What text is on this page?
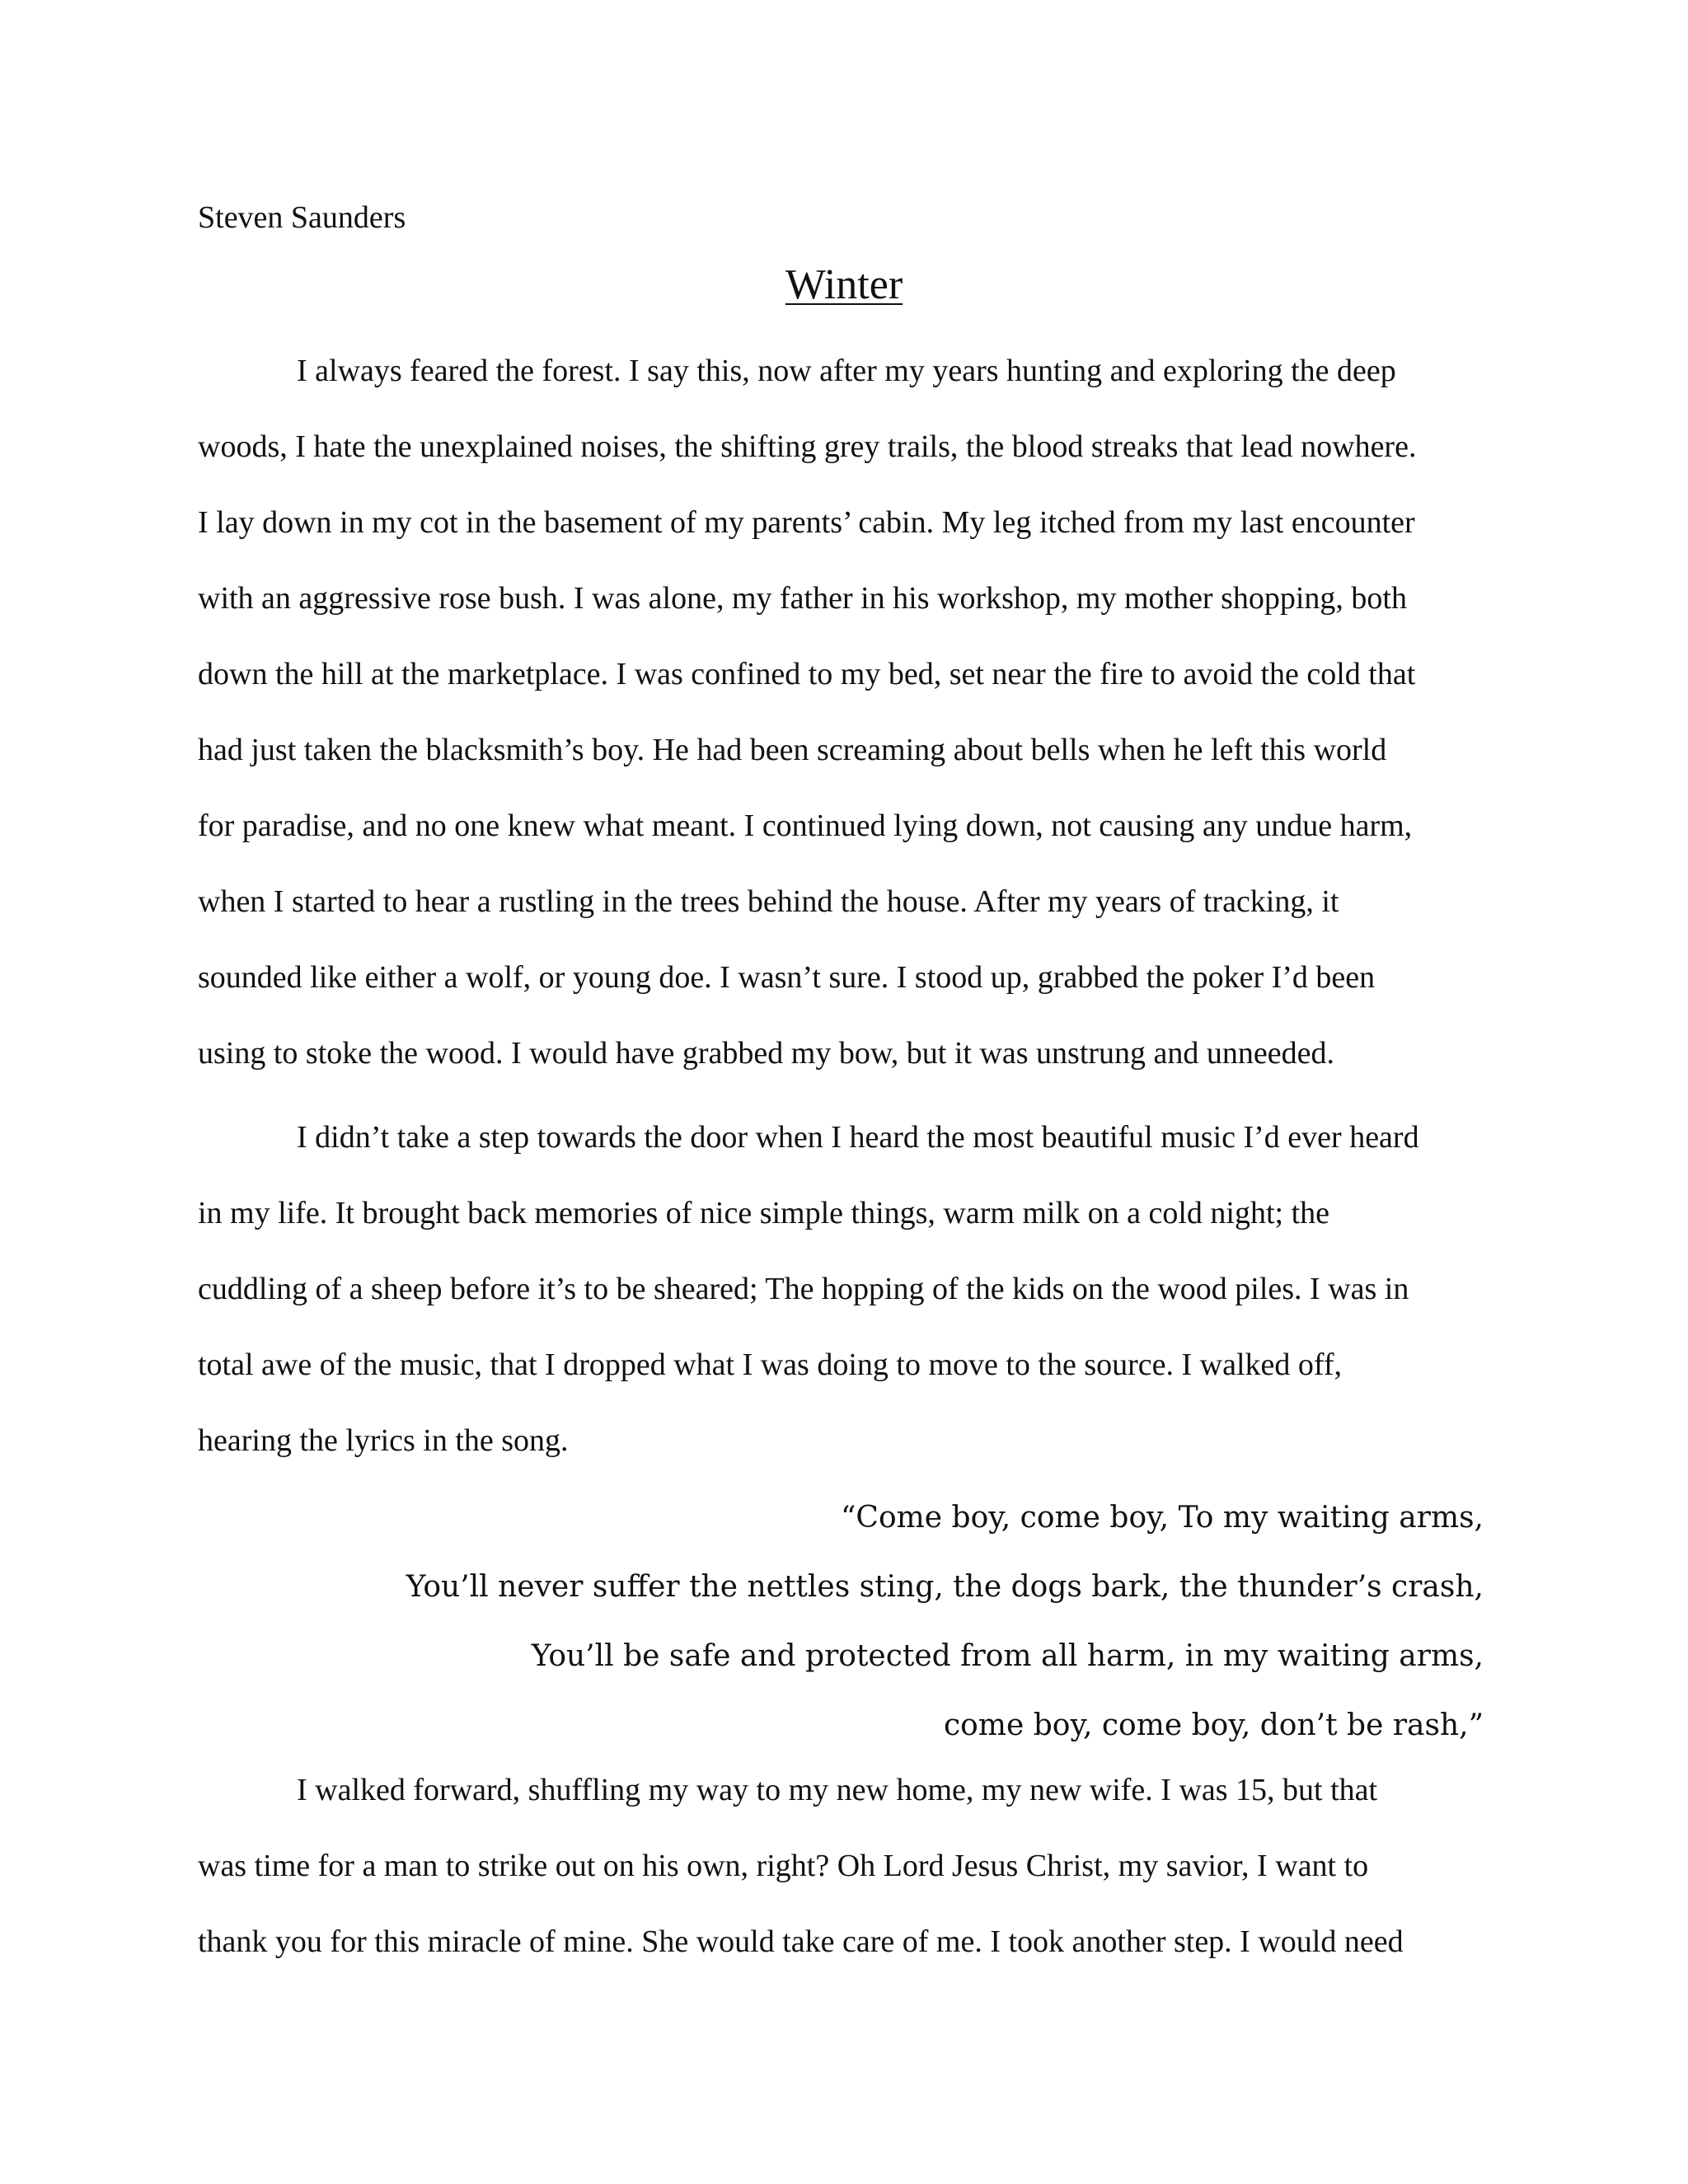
Steven Saunders
Winter
I always feared the forest. I say this, now after my years hunting and exploring the deep
woods, I hate the unexplained noises, the shifting grey trails, the blood streaks that lead nowhere.
I lay down in my cot in the basement of my parents’ cabin. My leg itched from my last encounter
with an aggressive rose bush. I was alone, my father in his workshop, my mother shopping, both
down the hill at the marketplace. I was confined to my bed, set near the fire to avoid the cold that
had just taken the blacksmith’s boy. He had been screaming about bells when he left this world
for paradise, and no one knew what meant. I continued lying down, not causing any undue harm,
when I started to hear a rustling in the trees behind the house. After my years of tracking, it
sounded like either a wolf, or young doe. I wasn’t sure. I stood up, grabbed the poker I’d been
using to stoke the wood. I would have grabbed my bow, but it was unstrung and unneeded.
I didn’t take a step towards the door when I heard the most beautiful music I’d ever heard
in my life. It brought back memories of nice simple things, warm milk on a cold night; the
cuddling of a sheep before it’s to be sheared; The hopping of the kids on the wood piles. I was in
total awe of the music, that I dropped what I was doing to move to the source. I walked off,
hearing the lyrics in the song.
“Come boy, come boy, To my waiting arms,
You’ll never suffer the nettles sting, the dogs bark, the thunder’s crash,
You’ll be safe and protected from all harm, in my waiting arms,
come boy, come boy, don’t be rash,”
I walked forward, shuffling my way to my new home, my new wife. I was 15, but that
was time for a man to strike out on his own, right? Oh Lord Jesus Christ, my savior, I want to
thank you for this miracle of mine. She would take care of me. I took another step. I would need
